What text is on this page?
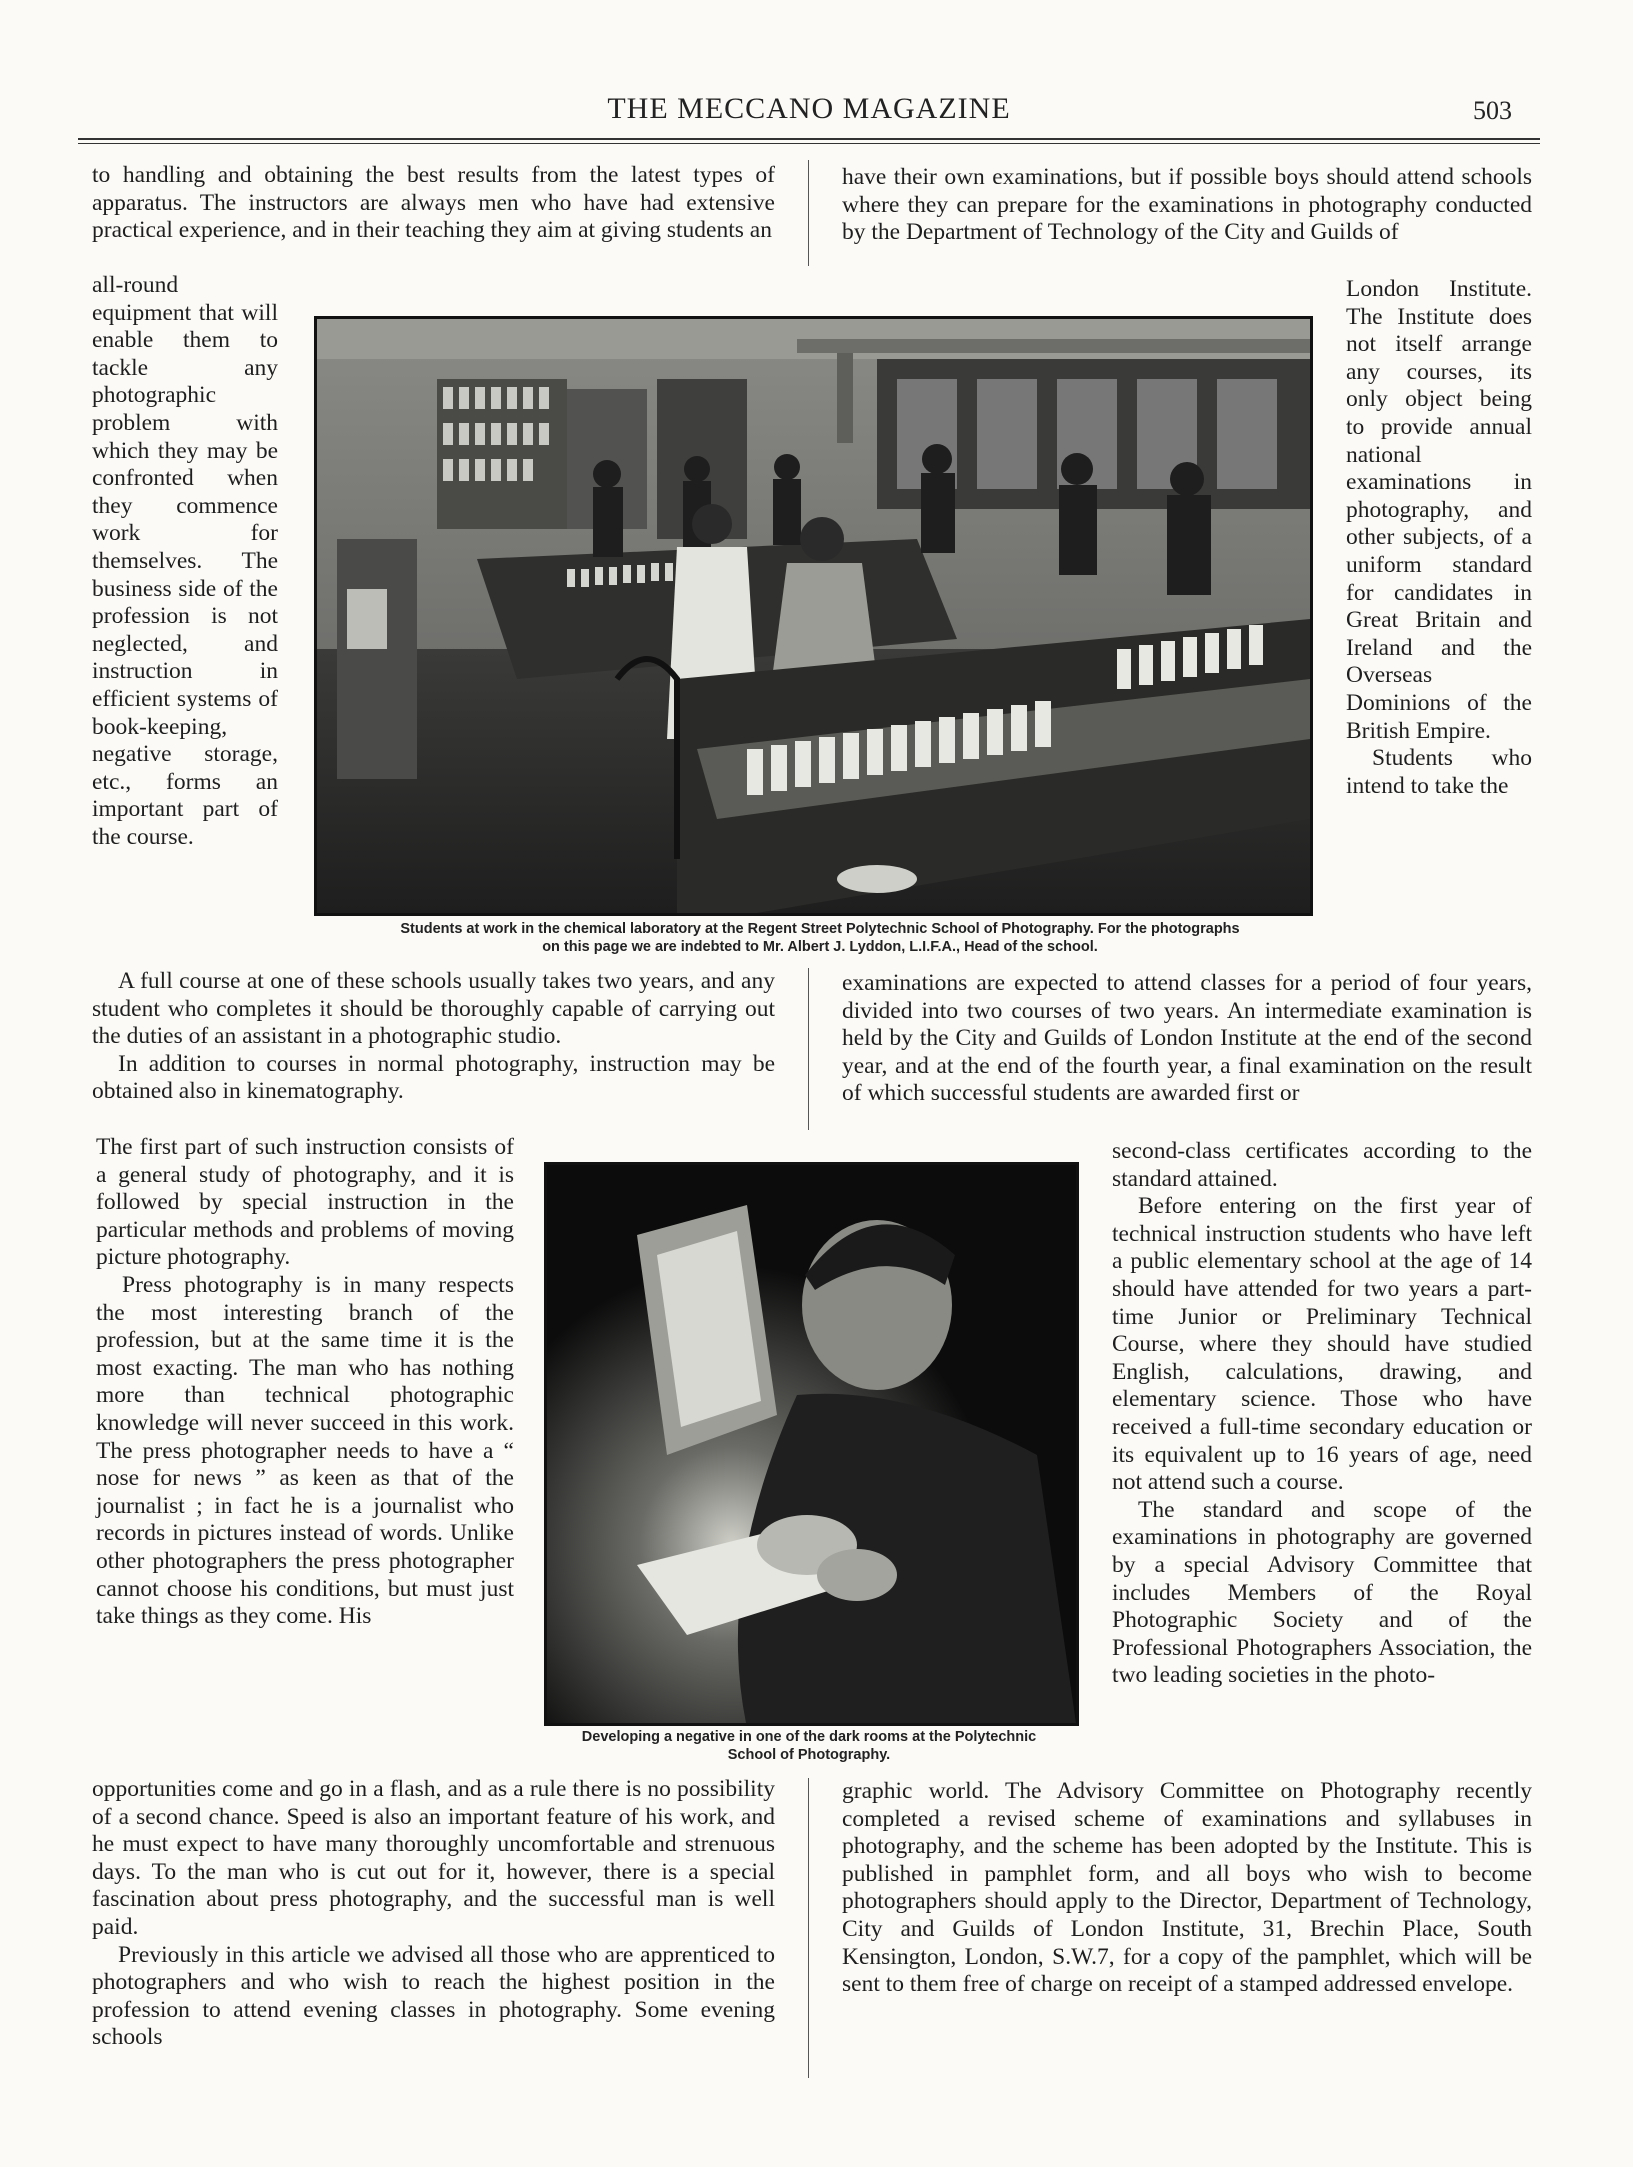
THE MECCANO MAGAZINE	503

to handling and obtaining the best results from the latest types of apparatus. The instructors are always men who have had extensive practical experience, and in their teaching they aim at giving students an

all-round equipment that will enable them to tackle any photographic problem with which they may be confronted when they commence work for themselves. The business side of the profession is not neglected, and instruction in efficient systems of book-keeping, negative storage, etc., forms an important part of the course.

have their own examinations, but if possible boys should attend schools where they can prepare for the examinations in photography conducted by the Department of Technology of the City and Guilds of

London Institute. The Institute does not itself arrange any courses, its only object being to provide annual national examinations in photography, and other subjects, of a uniform standard for candidates in Great Britain and Ireland and the Overseas Dominions of the British Empire.

Students who intend to take the

Students at work in the chemical laboratory at the Regent Street Polytechnic School of Photography. For the photographs
on this page we are indebted to Mr. Albert J. Lyddon, L.I.F.A., Head of the school.

A full course at one of these schools usually takes two years, and any student who completes it should be thoroughly capable of carrying out the duties of an assistant in a photographic studio.

In addition to courses in normal photography, instruction may be obtained also in kinematography.

examinations are expected to attend classes for a period of four years, divided into two courses of two years. An intermediate examination is held by the City and Guilds of London Institute at the end of the second year, and at the end of the fourth year, a final examination on the result of which successful students are awarded first or

The first part of such instruction consists of a general study of photography, and it is followed by special instruction in the particular methods and problems of moving picture photography.

Press photography is in many respects the most interesting branch of the profession, but at the same time it is the most exacting. The man who has nothing more than technical photographic knowledge will never succeed in this work. The press photographer needs to have a “ nose for news ” as keen as that of the journalist ; in fact he is a journalist who records in pictures instead of words. Unlike other photographers the press photographer cannot choose his conditions, but must just take things as they come. His

Developing a negative in one of the dark rooms at the Polytechnic
School of Photography.

second-class certificates according to the standard attained.

Before entering on the first year of technical instruction students who have left a public elementary school at the age of 14 should have attended for two years a part-time Junior or Preliminary Technical Course, where they should have studied English, calculations, drawing, and elementary science. Those who have received a full-time secondary education or its equivalent up to 16 years of age, need not attend such a course.

The standard and scope of the examinations in photography are governed by a special Advisory Committee that includes Members of the Royal Photographic Society and of the Professional Photographers Association, the two leading societies in the photo-

opportunities come and go in a flash, and as a rule there is no possibility of a second chance. Speed is also an important feature of his work, and he must expect to have many thoroughly uncomfortable and strenuous days. To the man who is cut out for it, however, there is a special fascination about press photography, and the successful man is well paid.

Previously in this article we advised all those who are apprenticed to photographers and who wish to reach the highest position in the profession to attend evening classes in photography. Some evening schools

graphic world. The Advisory Committee on Photography recently completed a revised scheme of examinations and syllabuses in photography, and the scheme has been adopted by the Institute. This is published in pamphlet form, and all boys who wish to become photographers should apply to the Director, Department of Technology, City and Guilds of London Institute, 31, Brechin Place, South Kensington, London, S.W.7, for a copy of the pamphlet, which will be sent to them free of charge on receipt of a stamped addressed envelope.
